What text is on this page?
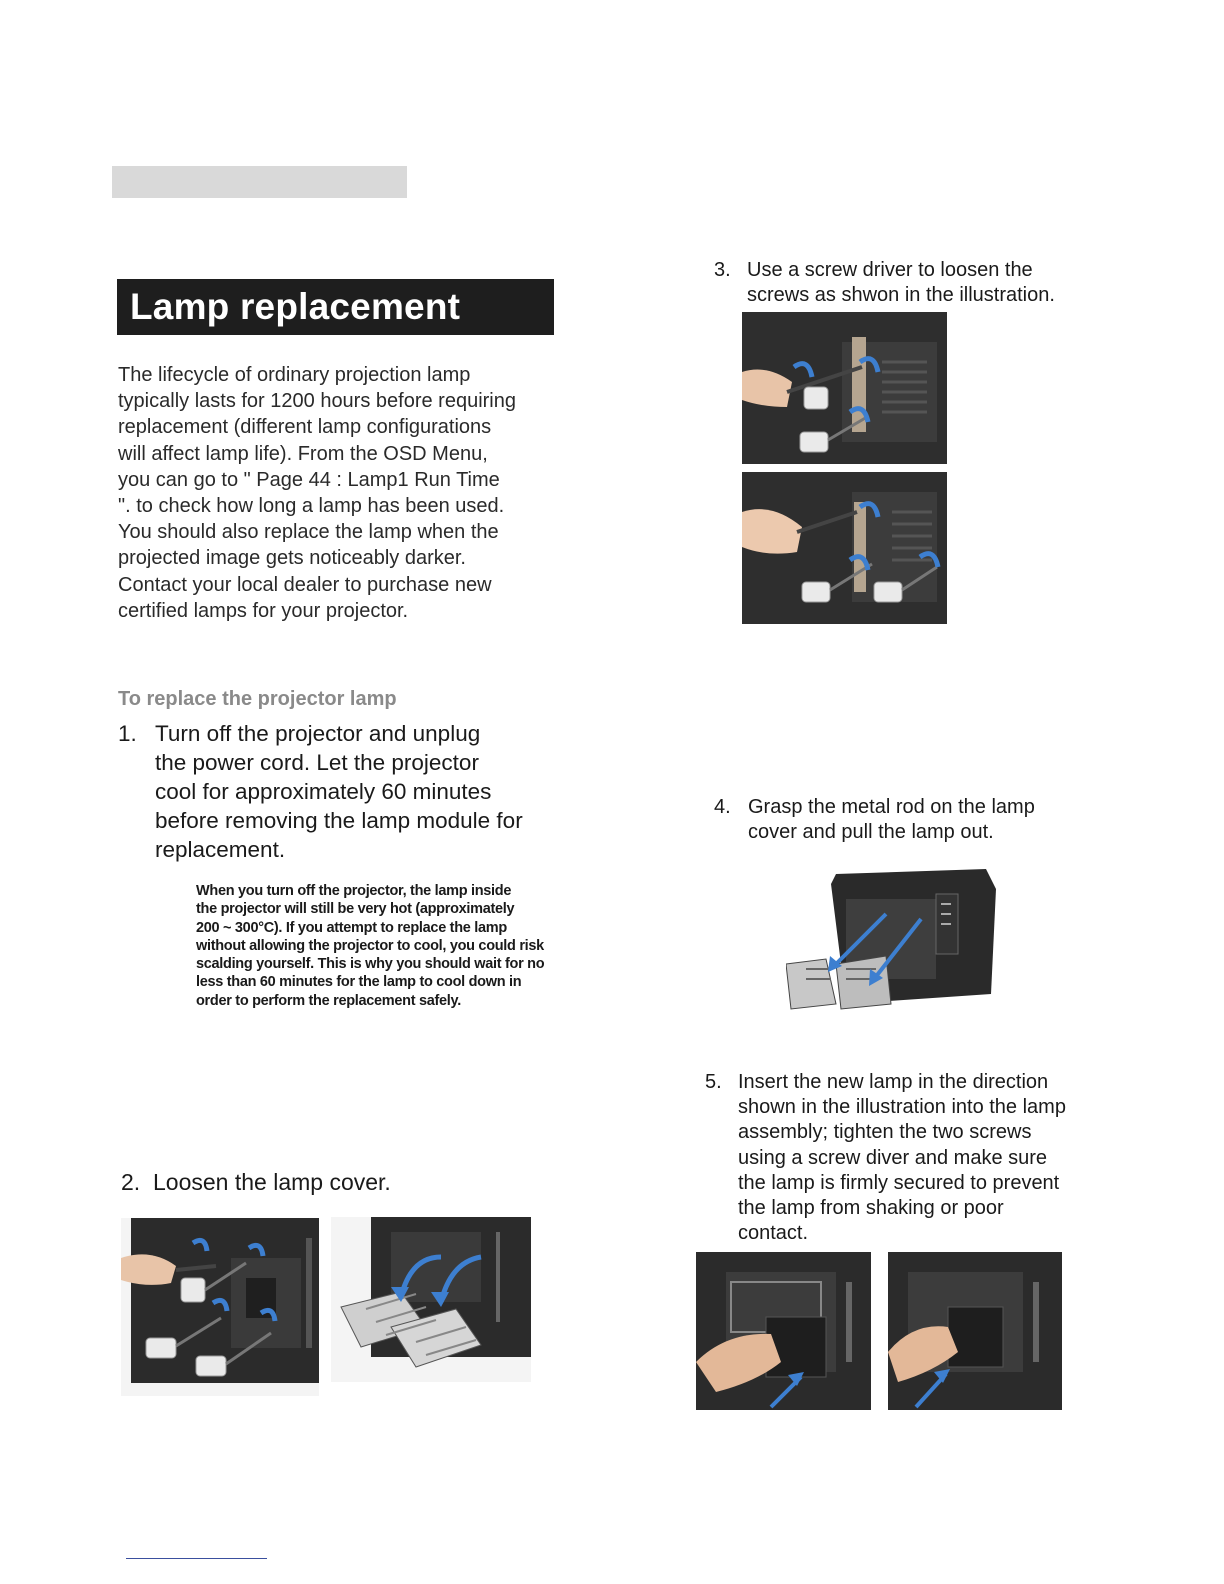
Lamp replacement
The lifecycle of ordinary projection lamp
typically lasts for 1200 hours before requiring
replacement (different lamp configurations
will affect lamp life). From the OSD Menu,
you can go to " Page 44 : Lamp1 Run Time
". to check how long a lamp has been used.
You should also replace the lamp when the
projected image gets noticeably darker.
Contact your local dealer to purchase new
certified lamps for your projector.
To replace the projector lamp
1. Turn off the projector and unplug
the power cord. Let the projector
cool for approximately 60 minutes
before removing the lamp module for
replacement.
When you turn off the projector, the lamp inside
the projector will still be very hot (approximately
200 ~ 300°C). If you attempt to replace the lamp
without allowing the projector to cool, you could risk
scalding yourself. This is why you should wait for no
less than 60 minutes for the lamp to cool down in
order to perform the replacement safely.
2. Loosen the lamp cover.
3. Use a screw driver to loosen the
screws as shwon in the illustration.
4. Grasp the metal rod on the lamp
cover and pull the lamp out.
5. Insert the new lamp in the direction
shown in the illustration into the lamp
assembly; tighten the two screws
using a screw diver and make sure
the lamp is firmly secured to prevent
the lamp from shaking or poor
contact.
